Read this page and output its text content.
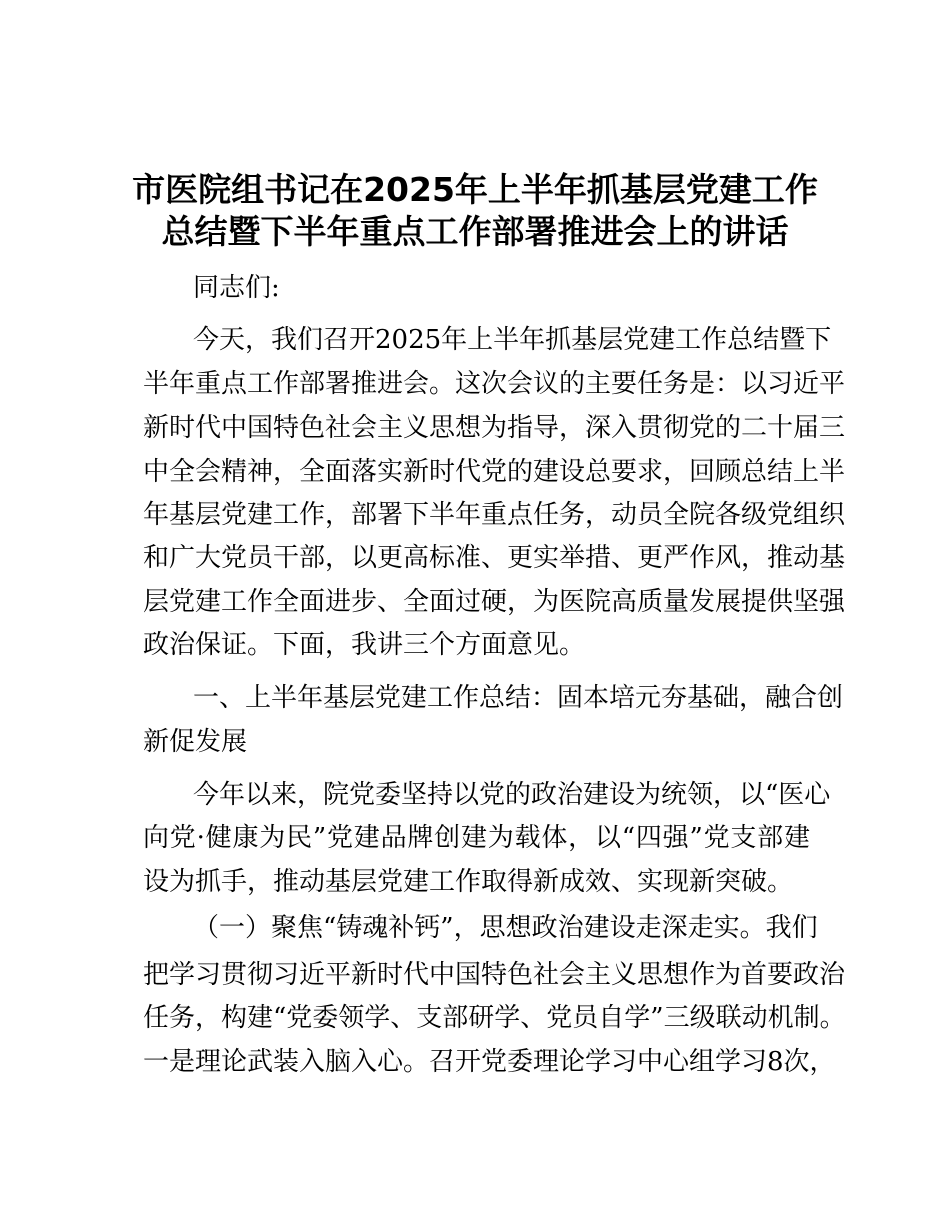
市医院组书记在2025年上半年抓基层党建工作
总结暨下半年重点工作部署推进会上的讲话
同志们:
今天，我们召开2025年上半年抓基层党建工作总结暨下
半年重点工作部署推进会。这次会议的主要任务是：以习近平
新时代中国特色社会主义思想为指导，深入贯彻党的二十届三
中全会精神，全面落实新时代党的建设总要求，回顾总结上半
年基层党建工作，部署下半年重点任务，动员全院各级党组织
和广大党员干部，以更高标准、更实举措、更严作风，推动基
层党建工作全面进步、全面过硬，为医院高质量发展提供坚强
政治保证。下面，我讲三个方面意见。
一、上半年基层党建工作总结：固本培元夯基础，融合创
新促发展
今年以来，院党委坚持以党的政治建设为统领，以“医心
向党·健康为民”党建品牌创建为载体，以“四强”党支部建
设为抓手，推动基层党建工作取得新成效、实现新突破。
（一）聚焦“铸魂补钙”，思想政治建设走深走实。我们
把学习贯彻习近平新时代中国特色社会主义思想作为首要政治
任务，构建“党委领学、支部研学、党员自学”三级联动机制。
一是理论武装入脑入心。召开党委理论学习中心组学习8次，
